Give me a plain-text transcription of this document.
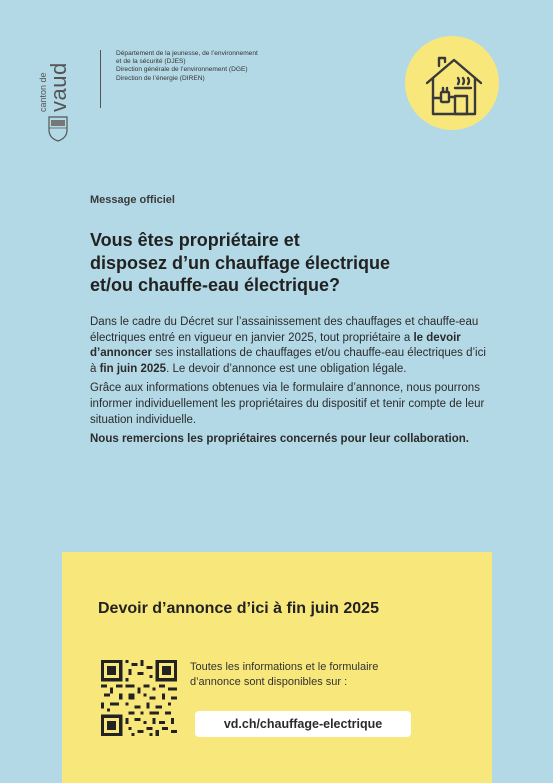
canton de
vaud
Département de la jeunesse, de l’environnement
et de la sécurité (DJES)
Direction générale de l’environnement (DGE)
Direction de l’énergie (DIREN)
Message officiel
Vous êtes propriétaire et
disposez d’un chauffage électrique
et/ou chauffe-eau électrique?

Dans le cadre du Décret sur l’assainissement des chauffages et chauffe-eau électriques entré en vigueur en janvier 2025, tout propriétaire a le devoir d’annoncer ses installations de chauffages et/ou chauffe-eau électriques d’ici à fin juin 2025. Le devoir d’annonce est une obligation légale.

Grâce aux informations obtenues via le formulaire d’annonce, nous pourrons informer individuellement les propriétaires du dispositif et tenir compte de leur situation individuelle.

Nous remercions les propriétaires concernés pour leur collaboration.

Devoir d’annonce d’ici à fin juin 2025
Toutes les informations et le formulaire
d’annonce sont disponibles sur :
vd.ch/chauffage-electrique
